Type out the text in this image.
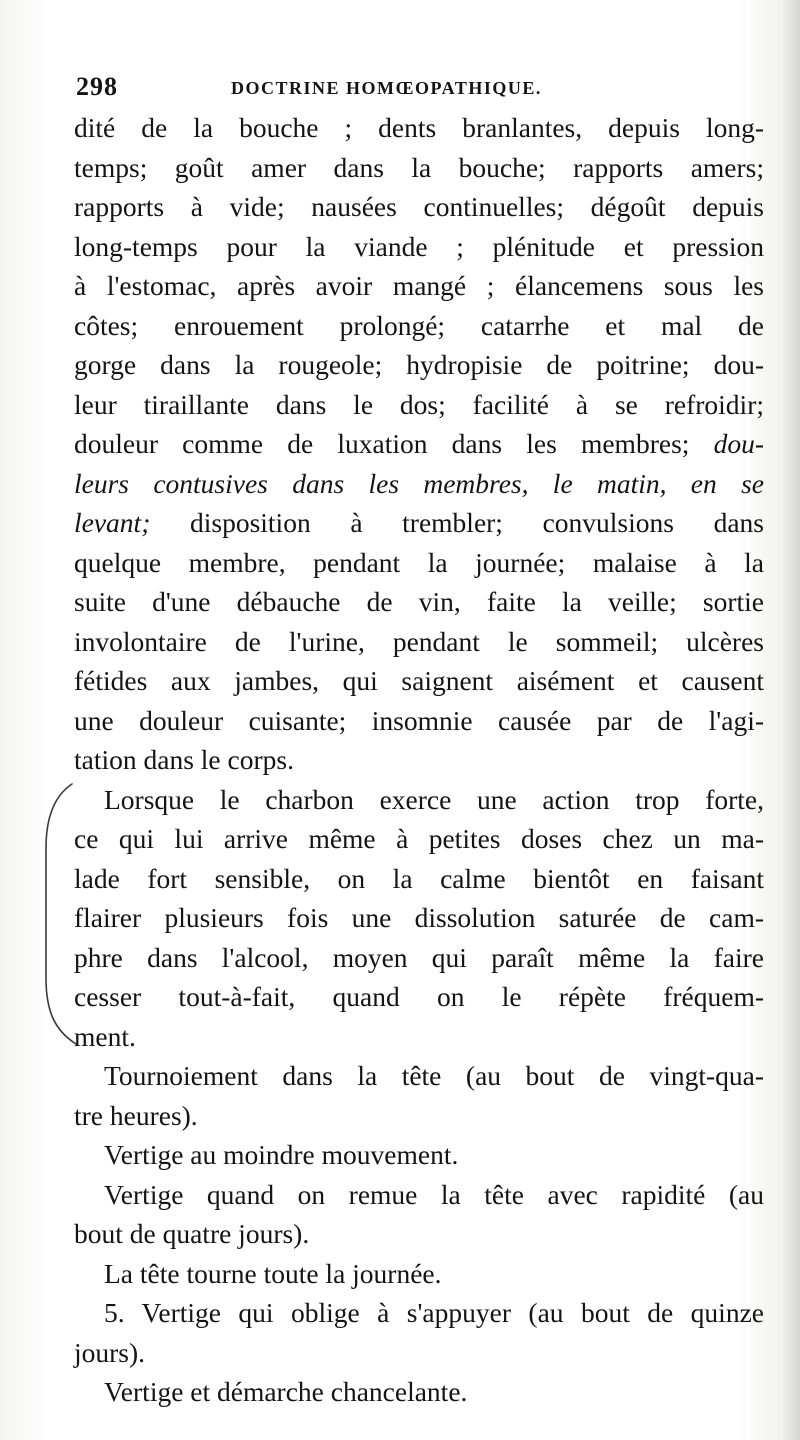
298	DOCTRINE HOMŒOPATHIQUE.
dité de la bouche ; dents branlantes, depuis long-
temps; goût amer dans la bouche; rapports amers;
rapports à vide; nausées continuelles; dégoût depuis
long-temps pour la viande ; plénitude et pression
à l'estomac, après avoir mangé ; élancemens sous les
côtes; enrouement prolongé; catarrhe et mal de
gorge dans la rougeole; hydropisie de poitrine; dou-
leur tiraillante dans le dos; facilité à se refroidir;
douleur comme de luxation dans les membres; dou-
leurs contusives dans les membres, le matin, en se
levant; disposition à trembler; convulsions dans
quelque membre, pendant la journée; malaise à la
suite d'une débauche de vin, faite la veille; sortie
involontaire de l'urine, pendant le sommeil; ulcères
fétides aux jambes, qui saignent aisément et causent
une douleur cuisante; insomnie causée par de l'agi-
tation dans le corps.
Lorsque le charbon exerce une action trop forte,
ce qui lui arrive même à petites doses chez un ma-
lade fort sensible, on la calme bientôt en faisant
flairer plusieurs fois une dissolution saturée de cam-
phre dans l'alcool, moyen qui paraît même la faire
cesser tout-à-fait, quand on le répète fréquem-
ment.
Tournoiement dans la tête (au bout de vingt-qua-
tre heures).
Vertige au moindre mouvement.
Vertige quand on remue la tête avec rapidité (au
bout de quatre jours).
La tête tourne toute la journée.
5. Vertige qui oblige à s'appuyer (au bout de quinze
jours).
Vertige et démarche chancelante.
